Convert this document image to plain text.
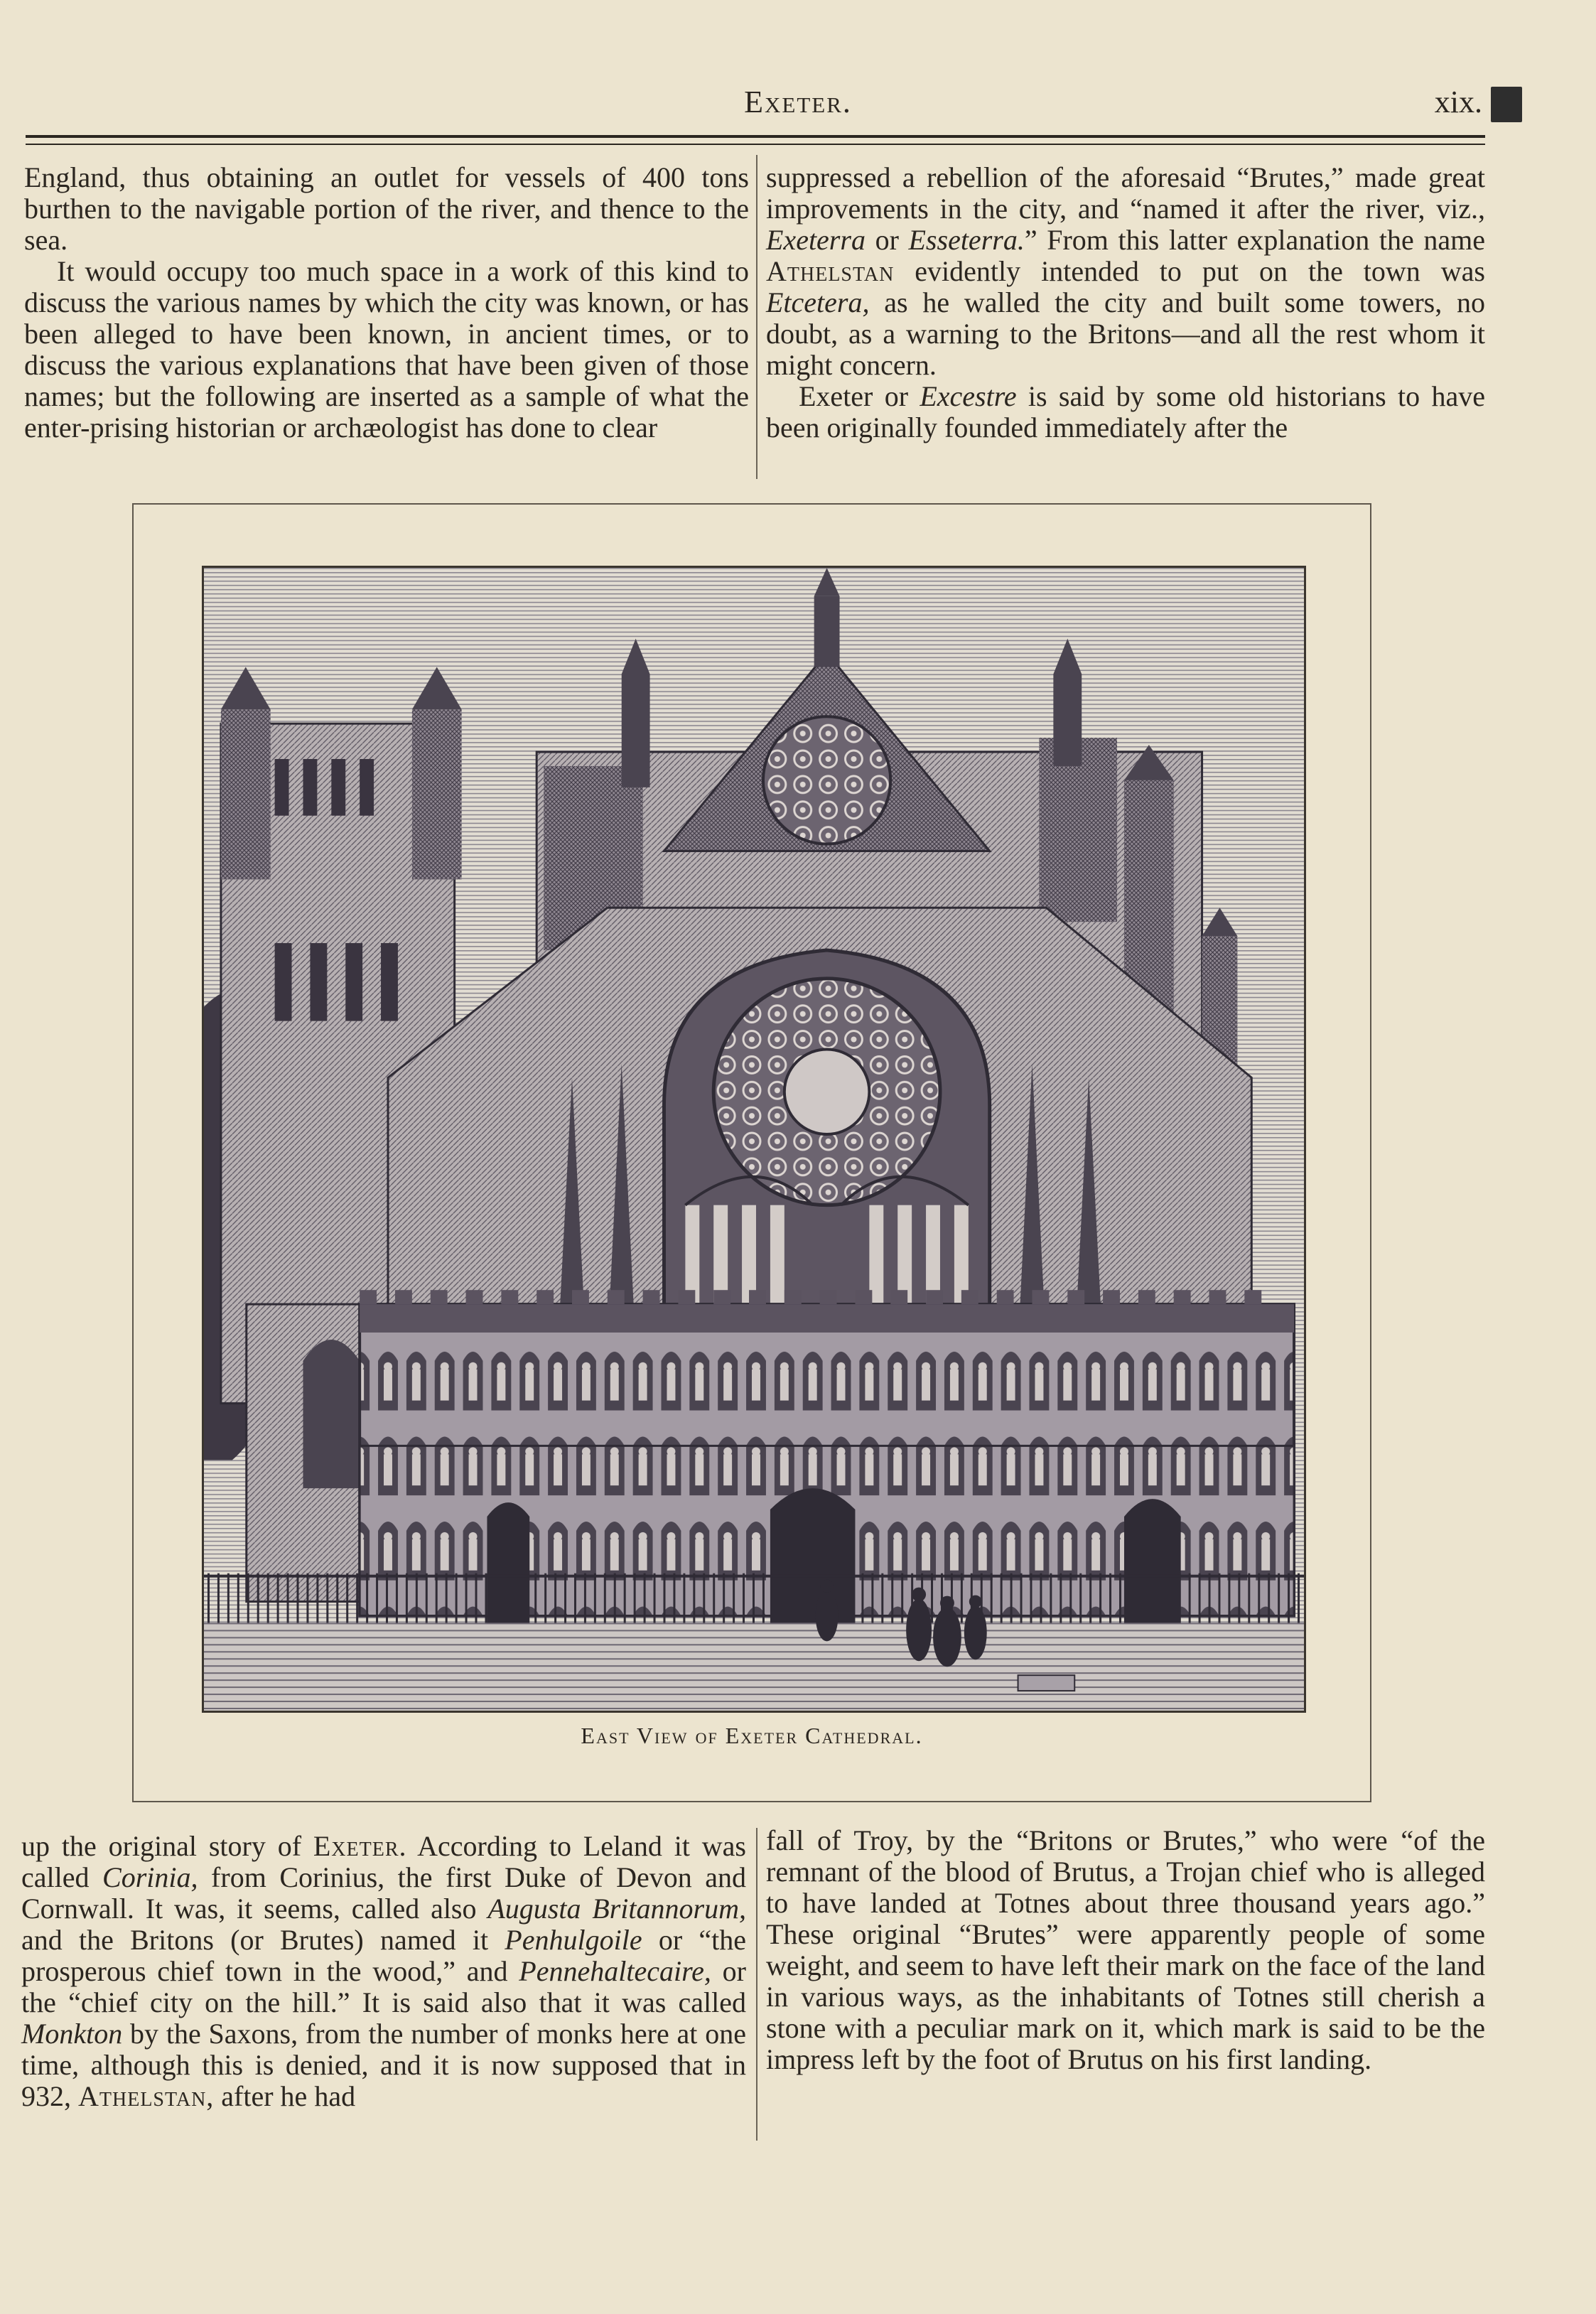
Exeter.	xix.

England, thus obtaining an outlet for vessels of 400 tons burthen to the navigable portion of the river, and thence to the sea.

It would occupy too much space in a work of this kind to discuss the various names by which the city was known, or has been alleged to have been known, in ancient times, or to discuss the various explanations that have been given of those names; but the following are inserted as a sample of what the enter-prising historian or archæologist has done to clear

suppressed a rebellion of the aforesaid “Brutes,” made great improvements in the city, and “named it after the river, viz., Exeterra or Esseterra.” From this latter explanation the name Athelstan evidently intended to put on the town was Etcetera, as he walled the city and built some towers, no doubt, as a warning to the Britons—and all the rest whom it might concern.

Exeter or Excestre is said by some old historians to have been originally founded immediately after the

East View of Exeter Cathedral.

up the original story of Exeter. According to Leland it was called Corinia, from Corinius, the first Duke of Devon and Cornwall. It was, it seems, called also Augusta Britannorum, and the Britons (or Brutes) named it Penhulgoile or “the prosperous chief town in the wood,” and Pennehaltecaire, or the “chief city on the hill.” It is said also that it was called Monkton by the Saxons, from the number of monks here at one time, although this is denied, and it is now supposed that in 932, Athelstan, after he had

fall of Troy, by the “Britons or Brutes,” who were “of the remnant of the blood of Brutus, a Trojan chief who is alleged to have landed at Totnes about three thousand years ago.” These original “Brutes” were apparently people of some weight, and seem to have left their mark on the face of the land in various ways, as the inhabitants of Totnes still cherish a stone with a peculiar mark on it, which mark is said to be the impress left by the foot of Brutus on his first landing.
